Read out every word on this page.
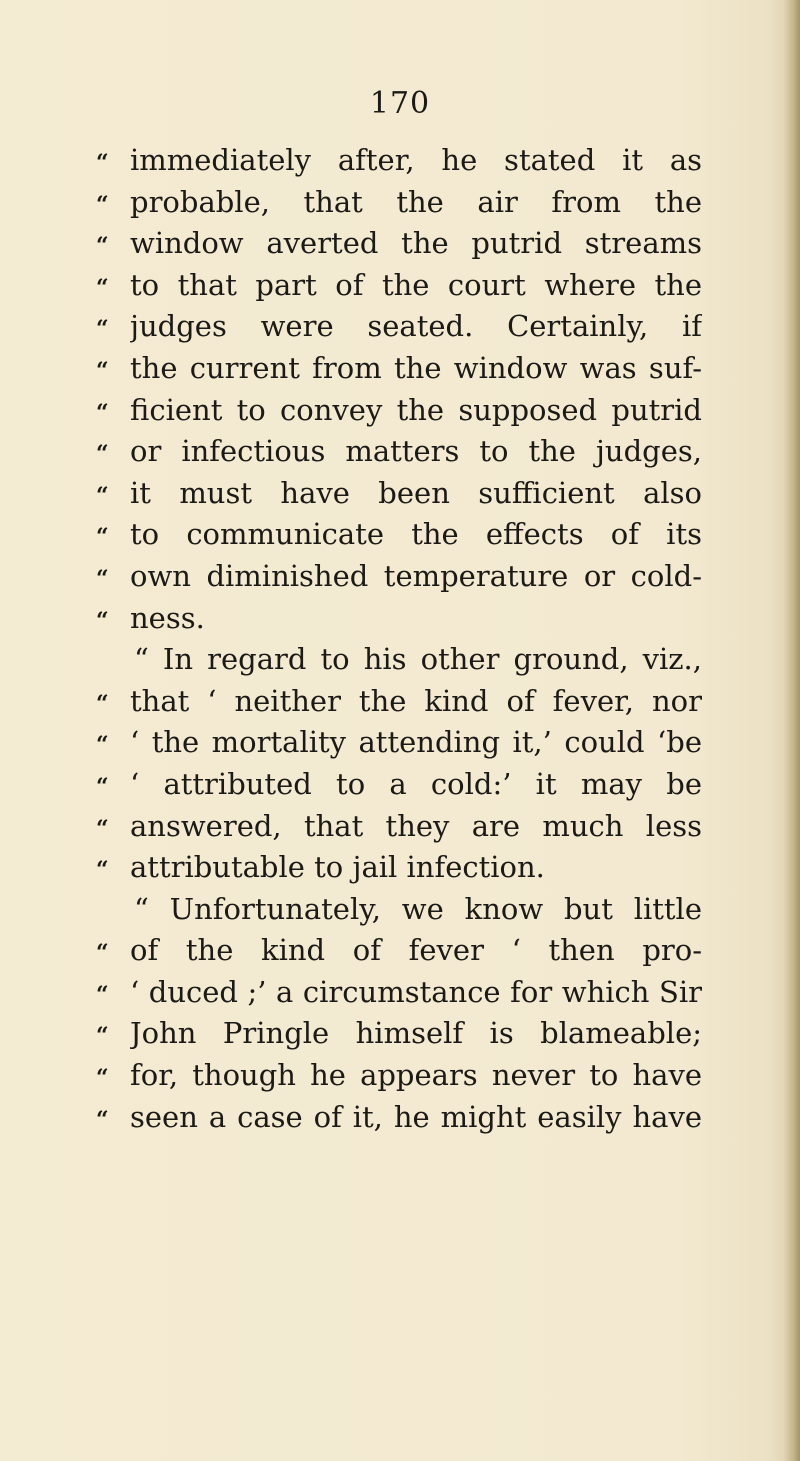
170
“ immediately after, he stated it as
“ probable, that the air from the
“ window averted the putrid streams
“ to that part of the court where the
“ judges were seated. Certainly, if
“ the current from the window was suf-
“ ficient to convey the supposed putrid
“ or infectious matters to the judges,
“ it must have been sufficient also
“ to communicate the effects of its
“ own diminished temperature or cold-
“ ness.
“ In regard to his other ground, viz.,
“ that ‘ neither the kind of fever, nor
“ ‘ the mortality attending it,’ could ‘be
“ ‘ attributed to a cold:’ it may be
“ answered, that they are much less
“ attributable to jail infection.
“ Unfortunately, we know but little
“ of the kind of fever ‘ then pro-
“ ‘ duced ;’ a circumstance for which Sir
“ John Pringle himself is blameable;
“ for, though he appears never to have
“ seen a case of it, he might easily have
